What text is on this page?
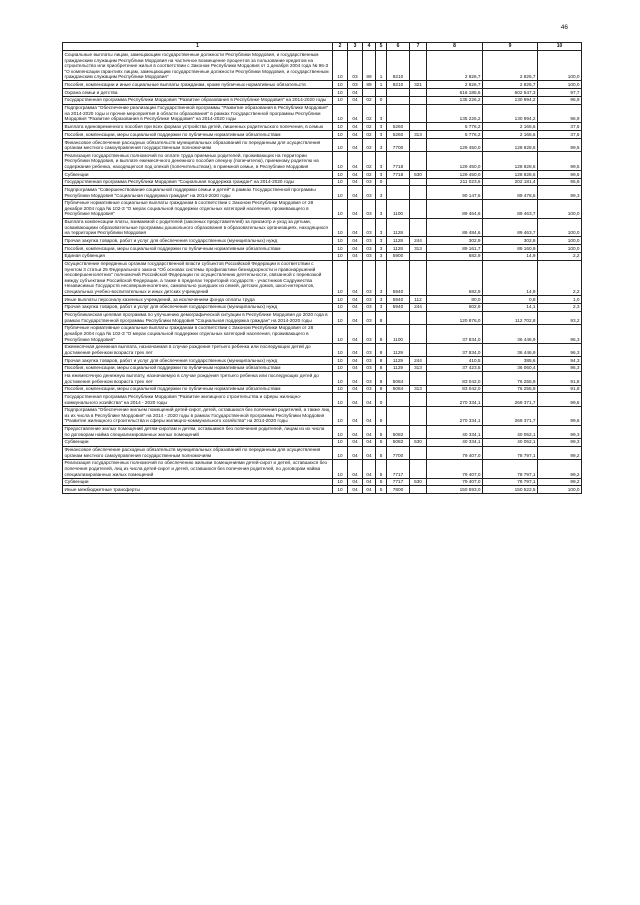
46
1	2	3	4	5	6	7	8	9	10
Социальные выплаты лицам, замещающим государственные должности Республики Мордовия, и государственным гражданским служащим Республики Мордовия на частичное возмещение процентов за пользование кредитом на строительство или приобретение жилья в соответствии с Законом Республики Мордовия от 1 декабря 2004 года № 96-З "О компенсации гарантиях лицам, замещающим государственные должности Республики Мордовия, и государственным гражданским служащим Республики Мордовия"	10	03	89	1	8210		2 826,7	2 826,7	100,0
Пособия, компенсации и иные социальные выплаты гражданам, кроме публичных нормативных обязательств	10	03	89	1	8210	321	2 826,7	2 826,7	100,0
Охрана семьи и детства	10	04					616 185,6	602 547,3	97,7
Государственная программа Республики Мордовия "Развитие образования в Республике Мордовия" на 2014-2020 годы	10	04	02	0			135 226,2	130 994,2	96,9
Подпрограмма "Обеспечение реализации Государственной программы "Развитие образования в Республике Мордовия" на 2014-2020 годы и прочие мероприятия в области образования" в рамках Государственной программы Республики Мордовия "Развитие образования в Республике Мордовия" на 2014-2020 годы	10	04	02	3			135 226,2	130 994,2	96,9
Выплата единовременного пособия при всех формах устройства детей, лишенных родительского попечения, в семью	10	04	02	3	5260		5 776,2	2 165,6	37,5
Пособия, компенсации, меры социальной поддержки по публичным нормативным обязательствам	10	04	02	3	5260	313	5 776,2	2 165,6	37,5
Финансовое обеспечение расходных обязательств муниципальных образований по переданным для осуществления органам местного самоуправления государственным полномочиям	10	04	02	3	7700		129 450,0	128 828,6	99,5
Реализация государственных полномочий по оплате труда приемных родителей, проживающих на территории Республики Мордовия, и выплате ежемесячного денежного пособия опекуну (попечителю), приемному родителю на содержание ребенка, находящегося под опекой (попечительством), в приемной семье, в Республике Мордовия	10	04	02	3	7718		129 450,0	128 828,6	99,5
Субвенции	10	04	02	3	7718	530	129 450,0	128 828,6	99,5
Государственная программа Республики Мордовия "Социальная поддержка граждан" на 2014-2020 годы	10	04	03	0			211 023,6	202 181,4	95,8
Подпрограмма "Совершенствование социальной поддержки семьи и детей" в рамках Государственной программы Республики Мордовия "Социальная поддержка граждан" на 2014-2020 годы	10	04	03	3			90 147,6	89 478,6	99,3
Публичные нормативные социальные выплаты гражданам в соответствии с Законом Республики Мордовия от 28 декабря 2004 года № 102-З "О мерах социальной поддержки отдельных категорий населения, проживающего в Республике Мордовия"	10	04	03	3	1100		89 464,6	89 463,7	100,0
Выплата компенсации платы, взимаемой с родителей (законных представителей) за присмотр и уход за детьми, осваивающими образовательные программы дошкольного образования в образовательных организациях, находящихся на территории Республики Мордовия	10	04	03	3	1128		89 484,6	89 463,7	100,0
Прочая закупка товаров, работ и услуг для обеспечения государственных (муниципальных) нужд	10	04	03	3	1128	244	302,9	302,8	100,0
Пособия, компенсации, меры социальной поддержки по публичным нормативным обязательствам	10	04	03	3	1128	313	89 161,7	89 160,9	100,0
Единая субвенция	10	04	03	3	5900		682,9	14,9	2,2
Осуществление переданных органам государственной власти субъектов Российской Федерации в соответствии с пунктом 3 статьи 25 Федерального закона "Об основах системы профилактики безнадзорности и правонарушений несовершеннолетних" полномочий Российской Федерации по осуществлению деятельности, связанной с перевозкой между субъектами Российской Федерации, а также в пределах территорий государств - участников Содружества Независимых Государств несовершеннолетних, самовольно ушедших из семей, детских домов, школ-интернатов, специальных учебно-воспитательных и иных детских учреждений	10	04	03	3	5940		682,9	14,9	2,2
Иные выплаты персоналу казенных учреждений, за исключением фонда оплаты труда	10	04	03	3	5940	112	80,0	0,8	1,0
Прочая закупка товаров, работ и услуг для обеспечения государственных (муниципальных) нужд	10	04	03	3	5940	244	602,9	14,1	2,3
Республиканская целевая программа по улучшению демографической ситуации в Республике Мордовия до 2020 года в рамках Государственной программы Республики Мордовия "Социальная поддержка граждан" на 2014-2020 годы	10	04	03	8			120 876,0	112 702,8	93,2
Публичные нормативные социальные выплаты гражданам в соответствии с Законом Республики Мордовия от 28 декабря 2004 года № 102-З "О мерах социальной поддержки отдельных категорий населения, проживающего в Республике Мордовия"	10	04	03	8	1100		37 834,0	36 446,9	96,3
Ежемесячная денежная выплата, назначаемая в случае рождения третьего ребенка или последующих детей до достижения ребенком возраста трех лет	10	04	03	8	1129		37 834,0	36 446,9	96,3
Прочая закупка товаров, работ и услуг для обеспечения государственных (муниципальных) нужд	10	04	03	8	1129	244	410,5	385,6	94,3
Пособия, компенсации, меры социальной поддержки по публичным нормативным обязательствам	10	04	03	8	1129	313	37 423,5	36 060,4	96,3
На ежемесячную денежную выплату, назначаемую в случае рождения третьего ребенка или последующих детей до достижения ребенком возраста трех лет	10	04	03	8	5084		83 042,0	76 255,9	91,8
Пособия, компенсации, меры социальной поддержки по публичным нормативным обязательствам	10	04	03	8	5084	313	83 042,0	76 255,9	91,8
Государственная программа Республики Мордовия "Развитие жилищного строительства и сферы жилищно-коммунального хозяйства" на 2014 - 2020 годы	10	04	04	0			270 334,1	269 371,7	99,6
Подпрограмма "Обеспечение жильем помещений детей-сирот, детей, оставшихся без попечения родителей, а также лиц из их числа в Республике Мордовия" на 2014 - 2020 годы в рамках Государственной программы Республики Мордовия "Развитие жилищного строительства и сферы жилищно-коммунального хозяйства" на 2014-2020 годы	10	04	04	5			270 334,1	269 371,7	99,6
Предоставление жилых помещений детям-сиротам и детям, оставшимся без попечения родителей, лицам из их числа по договорам найма специализированных жилых помещений	10	04	04	5	5082		40 334,1	40 052,1	99,3
Субвенции	10	04	04	5	5082	530	40 334,1	40 052,1	99,3
Финансовое обеспечение расходных обязательств муниципальных образований по переданным для осуществления органам местного самоуправления государственным полномочиям	10	04	04	5	7700		79 407,0	78 797,1	99,2
Реализация государственных полномочий по обеспечению жилыми помещениями детей-сирот и детей, оставшихся без попечения родителей, лиц из числа детей-сирот и детей, оставшихся без попечения родителей, по договорам найма специализированных жилых помещений	10	04	04	5	7717		79 407,0	78 797,1	99,2
Субвенции	10	04	04	5	7717	530	79 407,0	78 797,1	99,2
Иные межбюджетные трансферты	10	04	04	5	7800		150 593,0	150 522,5	100,0
